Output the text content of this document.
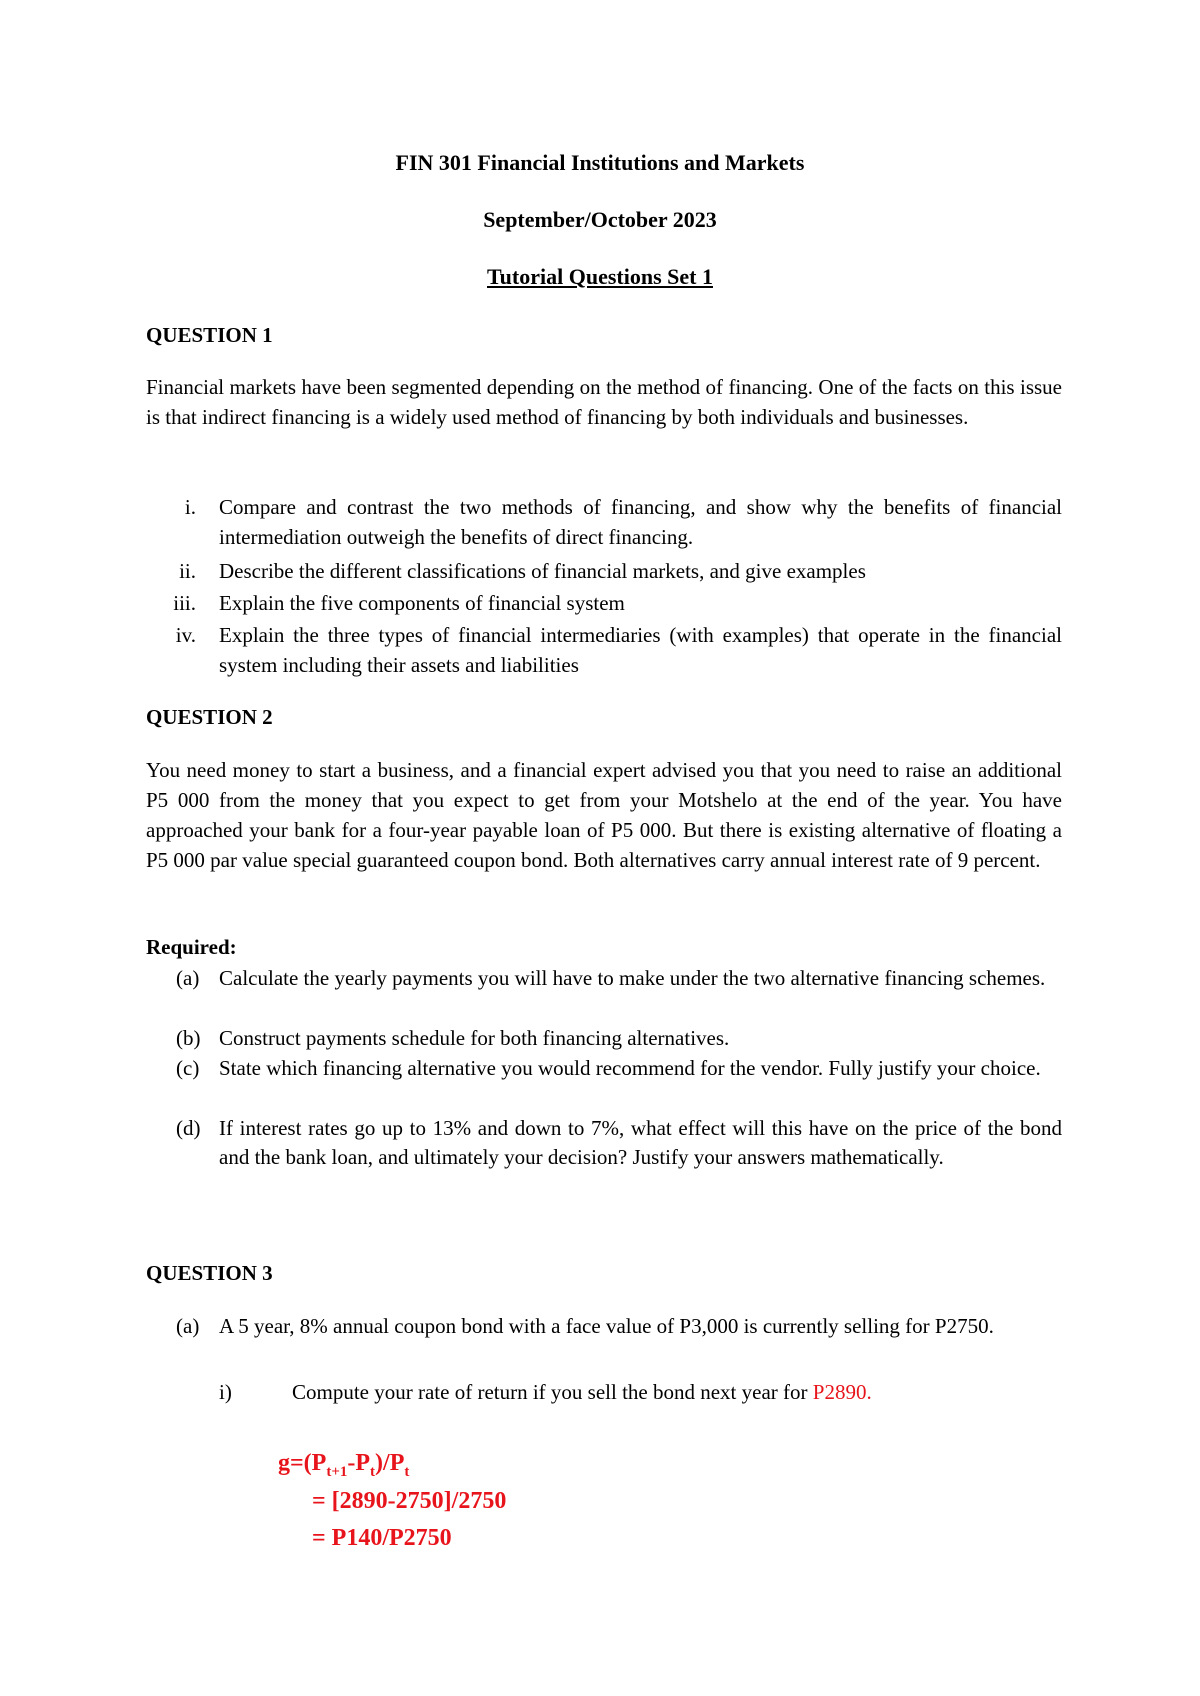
FIN 301 Financial Institutions and Markets
September/October 2023
Tutorial Questions Set 1
QUESTION 1
Financial markets have been segmented depending on the method of financing. One of the facts on this issue is that indirect financing is a widely used method of financing by both individuals and businesses.
i. Compare and contrast the two methods of financing, and show why the benefits of financial intermediation outweigh the benefits of direct financing.
ii. Describe the different classifications of financial markets, and give examples
iii. Explain the five components of financial system
iv. Explain the three types of financial intermediaries (with examples) that operate in the financial system including their assets and liabilities
QUESTION 2
You need money to start a business, and a financial expert advised you that you need to raise an additional P5 000 from the money that you expect to get from your Motshelo at the end of the year. You have approached your bank for a four-year payable loan of P5 000. But there is existing alternative of floating a P5 000 par value special guaranteed coupon bond. Both alternatives carry annual interest rate of 9 percent.
Required:
(a) Calculate the yearly payments you will have to make under the two alternative financing schemes.
(b) Construct payments schedule for both financing alternatives.
(c) State which financing alternative you would recommend for the vendor. Fully justify your choice.
(d) If interest rates go up to 13% and down to 7%, what effect will this have on the price of the bond and the bank loan, and ultimately your decision? Justify your answers mathematically.
QUESTION 3
(a) A 5 year, 8% annual coupon bond with a face value of P3,000 is currently selling for P2750.
i)	Compute your rate of return if you sell the bond next year for P2890.
$g=(P_{t+1}-P_t)/P_t$
= [2890-2750]/2750
= P140/P2750
